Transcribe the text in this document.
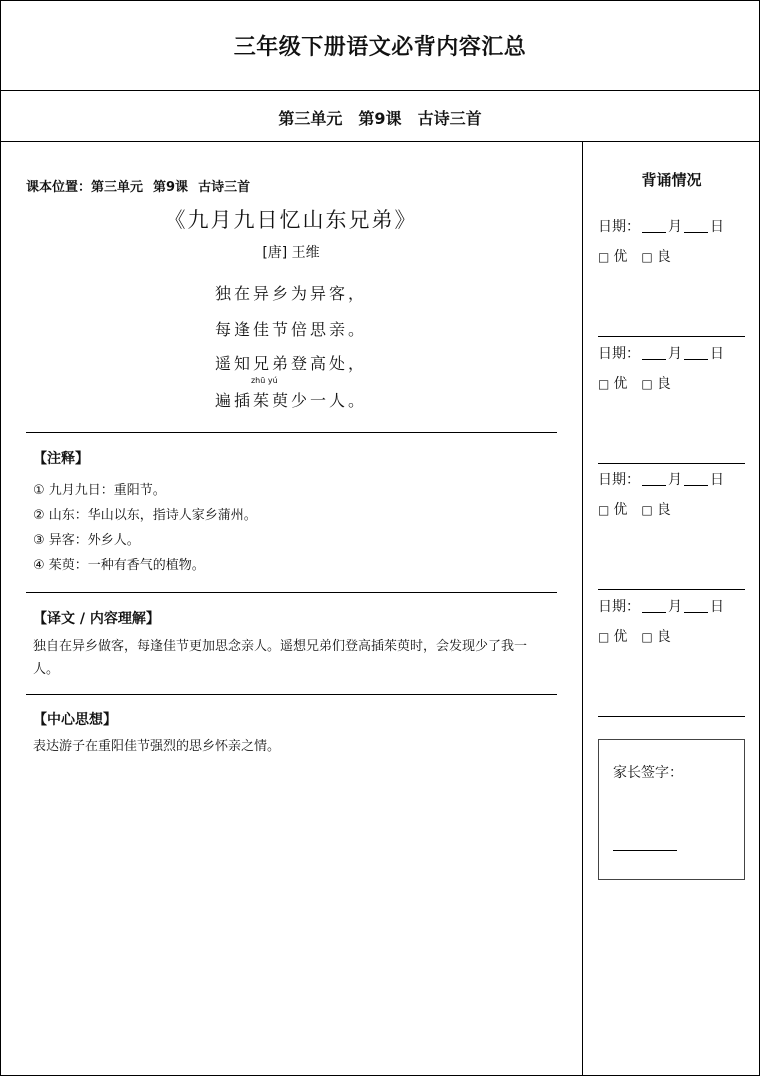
三年级下册语文必背内容汇总
第三单元 第9课 古诗三首
课本位置：第三单元 第9课 古诗三首
《九月九日忆山东兄弟》
[唐] 王维
独在异乡为异客，
每逢佳节倍思亲。
遥知兄弟登高处，
遍插
zhū yú
茱萸少一人。
【注释】
① 九月九日：重阳节。
② 山东：华山以东，指诗人家乡蒲州。
③ 异客：外乡人。
④ 茱萸：一种有香气的植物。
【译文 / 内容理解】
独自在异乡做客，每逢佳节更加思念亲人。遥想兄弟们登高插茱萸时，会发现少了我一人。
【中心思想】
表达游子在重阳佳节强烈的思乡怀亲之情。
背诵情况
日期： 月 日
□ 优 □ 良
日期： 月 日
□ 优 □ 良
日期： 月 日
□ 优 □ 良
日期： 月 日
□ 优 □ 良
家长签字：
